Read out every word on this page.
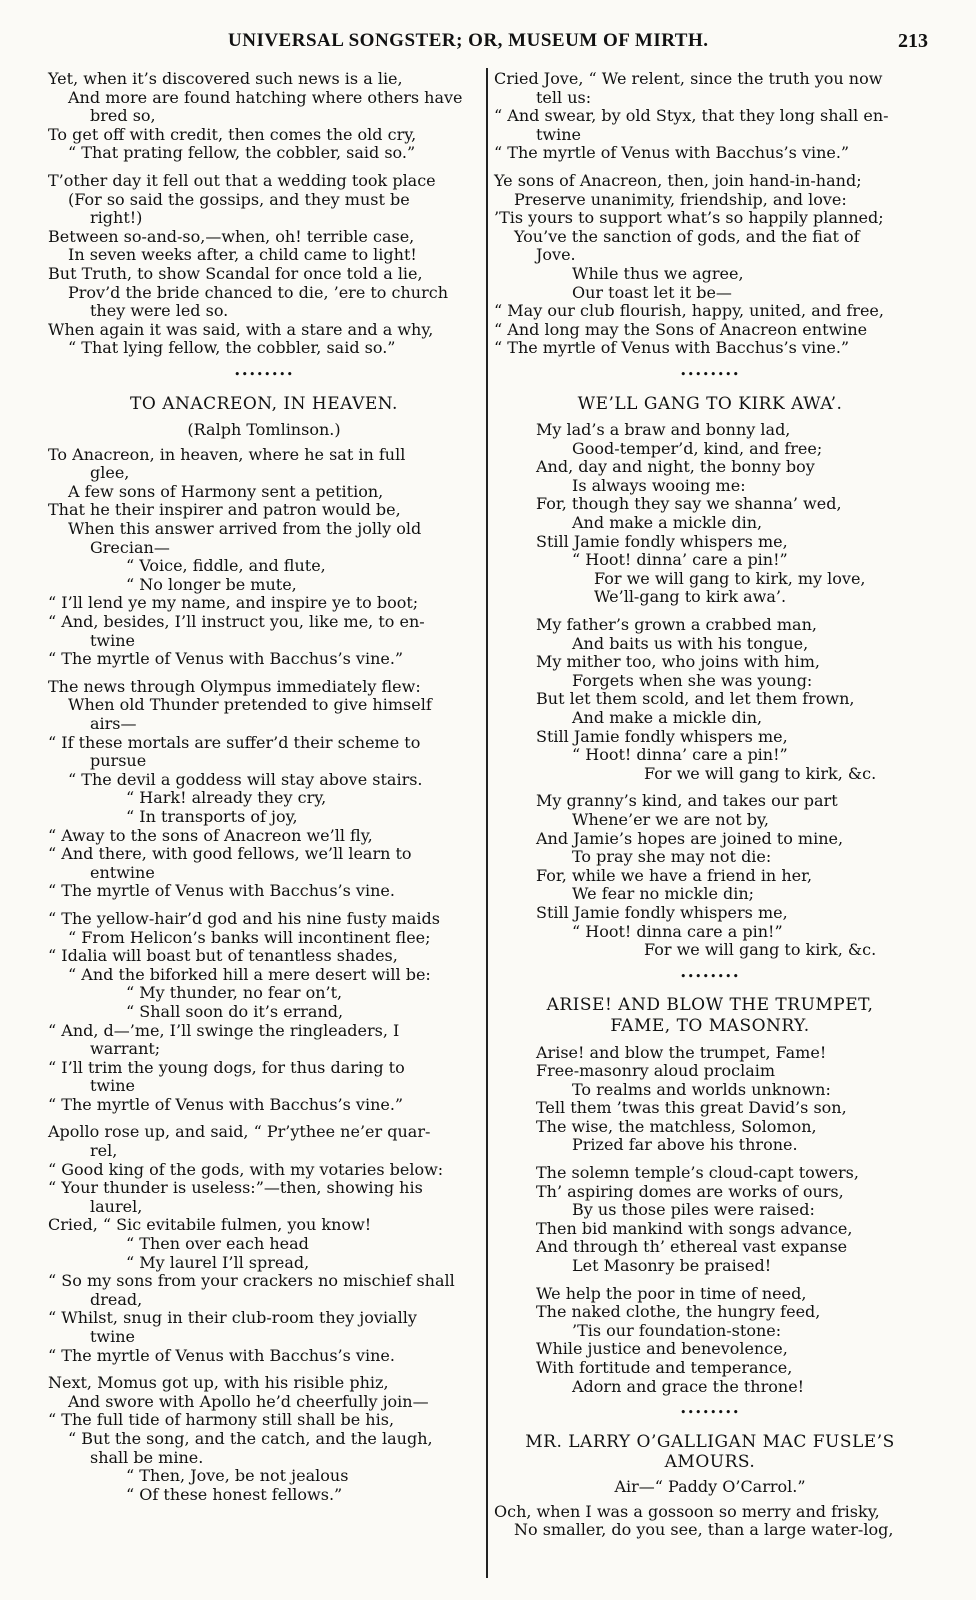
UNIVERSAL SONGSTER; OR, MUSEUM OF MIRTH.	213
Yet, when it’s discovered such news is a lie,
And more are found hatching where others have
bred so,
To get off with credit, then comes the old cry,
“ That prating fellow, the cobbler, said so.”
T’other day it fell out that a wedding took place
(For so said the gossips, and they must be
right!)
Between so-and-so,—when, oh! terrible case,
In seven weeks after, a child came to light!
But Truth, to show Scandal for once told a lie,
Prov’d the bride chanced to die, ’ere to church
they were led so.
When again it was said, with a stare and a why,
“ That lying fellow, the cobbler, said so.”
••••••••
TO ANACREON, IN HEAVEN.
(Ralph Tomlinson.)
To Anacreon, in heaven, where he sat in full
glee,
A few sons of Harmony sent a petition,
That he their inspirer and patron would be,
When this answer arrived from the jolly old
Grecian—
“ Voice, fiddle, and flute,
“ No longer be mute,
“ I’ll lend ye my name, and inspire ye to boot;
“ And, besides, I’ll instruct you, like me, to en-
twine
“ The myrtle of Venus with Bacchus’s vine.”
The news through Olympus immediately flew:
When old Thunder pretended to give himself
airs—
“ If these mortals are suffer’d their scheme to
pursue
“ The devil a goddess will stay above stairs.
“ Hark! already they cry,
“ In transports of joy,
“ Away to the sons of Anacreon we’ll fly,
“ And there, with good fellows, we’ll learn to
entwine
“ The myrtle of Venus with Bacchus’s vine.
“ The yellow-hair’d god and his nine fusty maids
“ From Helicon’s banks will incontinent flee;
“ Idalia will boast but of tenantless shades,
“ And the biforked hill a mere desert will be:
“ My thunder, no fear on’t,
“ Shall soon do it’s errand,
“ And, d—’me, I’ll swinge the ringleaders, I
warrant;
“ I’ll trim the young dogs, for thus daring to
twine
“ The myrtle of Venus with Bacchus’s vine.”
Apollo rose up, and said, “ Pr’ythee ne’er quar-
rel,
“ Good king of the gods, with my votaries below:
“ Your thunder is useless:”—then, showing his
laurel,
Cried, “ Sic evitabile fulmen, you know!
“ Then over each head
“ My laurel I’ll spread,
“ So my sons from your crackers no mischief shall
dread,
“ Whilst, snug in their club-room they jovially
twine
“ The myrtle of Venus with Bacchus’s vine.
Next, Momus got up, with his risible phiz,
And swore with Apollo he’d cheerfully join—
“ The full tide of harmony still shall be his,
“ But the song, and the catch, and the laugh,
shall be mine.
“ Then, Jove, be not jealous
“ Of these honest fellows.”
Cried Jove, “ We relent, since the truth you now
tell us:
“ And swear, by old Styx, that they long shall en-
twine
“ The myrtle of Venus with Bacchus’s vine.”
Ye sons of Anacreon, then, join hand-in-hand;
Preserve unanimity, friendship, and love:
’Tis yours to support what’s so happily planned;
You’ve the sanction of gods, and the fiat of
Jove.
While thus we agree,
Our toast let it be—
“ May our club flourish, happy, united, and free,
“ And long may the Sons of Anacreon entwine
“ The myrtle of Venus with Bacchus’s vine.”
••••••••
WE’LL GANG TO KIRK AWA’.
My lad’s a braw and bonny lad,
Good-temper’d, kind, and free;
And, day and night, the bonny boy
Is always wooing me:
For, though they say we shanna’ wed,
And make a mickle din,
Still Jamie fondly whispers me,
“ Hoot! dinna’ care a pin!”
For we will gang to kirk, my love,
We’ll-gang to kirk awa’.
My father’s grown a crabbed man,
And baits us with his tongue,
My mither too, who joins with him,
Forgets when she was young:
But let them scold, and let them frown,
And make a mickle din,
Still Jamie fondly whispers me,
“ Hoot! dinna’ care a pin!”
For we will gang to kirk, &c.
My granny’s kind, and takes our part
Whene’er we are not by,
And Jamie’s hopes are joined to mine,
To pray she may not die:
For, while we have a friend in her,
We fear no mickle din;
Still Jamie fondly whispers me,
“ Hoot! dinna care a pin!”
For we will gang to kirk, &c.
••••••••
ARISE! AND BLOW THE TRUMPET,
FAME, TO MASONRY.
Arise! and blow the trumpet, Fame!
Free-masonry aloud proclaim
To realms and worlds unknown:
Tell them ’twas this great David’s son,
The wise, the matchless, Solomon,
Prized far above his throne.
The solemn temple’s cloud-capt towers,
Th’ aspiring domes are works of ours,
By us those piles were raised:
Then bid mankind with songs advance,
And through th’ ethereal vast expanse
Let Masonry be praised!
We help the poor in time of need,
The naked clothe, the hungry feed,
’Tis our foundation-stone:
While justice and benevolence,
With fortitude and temperance,
Adorn and grace the throne!
••••••••
MR. LARRY O’GALLIGAN MAC FUSLE’S
AMOURS.
Air—“ Paddy O’Carrol.”
Och, when I was a gossoon so merry and frisky,
No smaller, do you see, than a large water-log,
